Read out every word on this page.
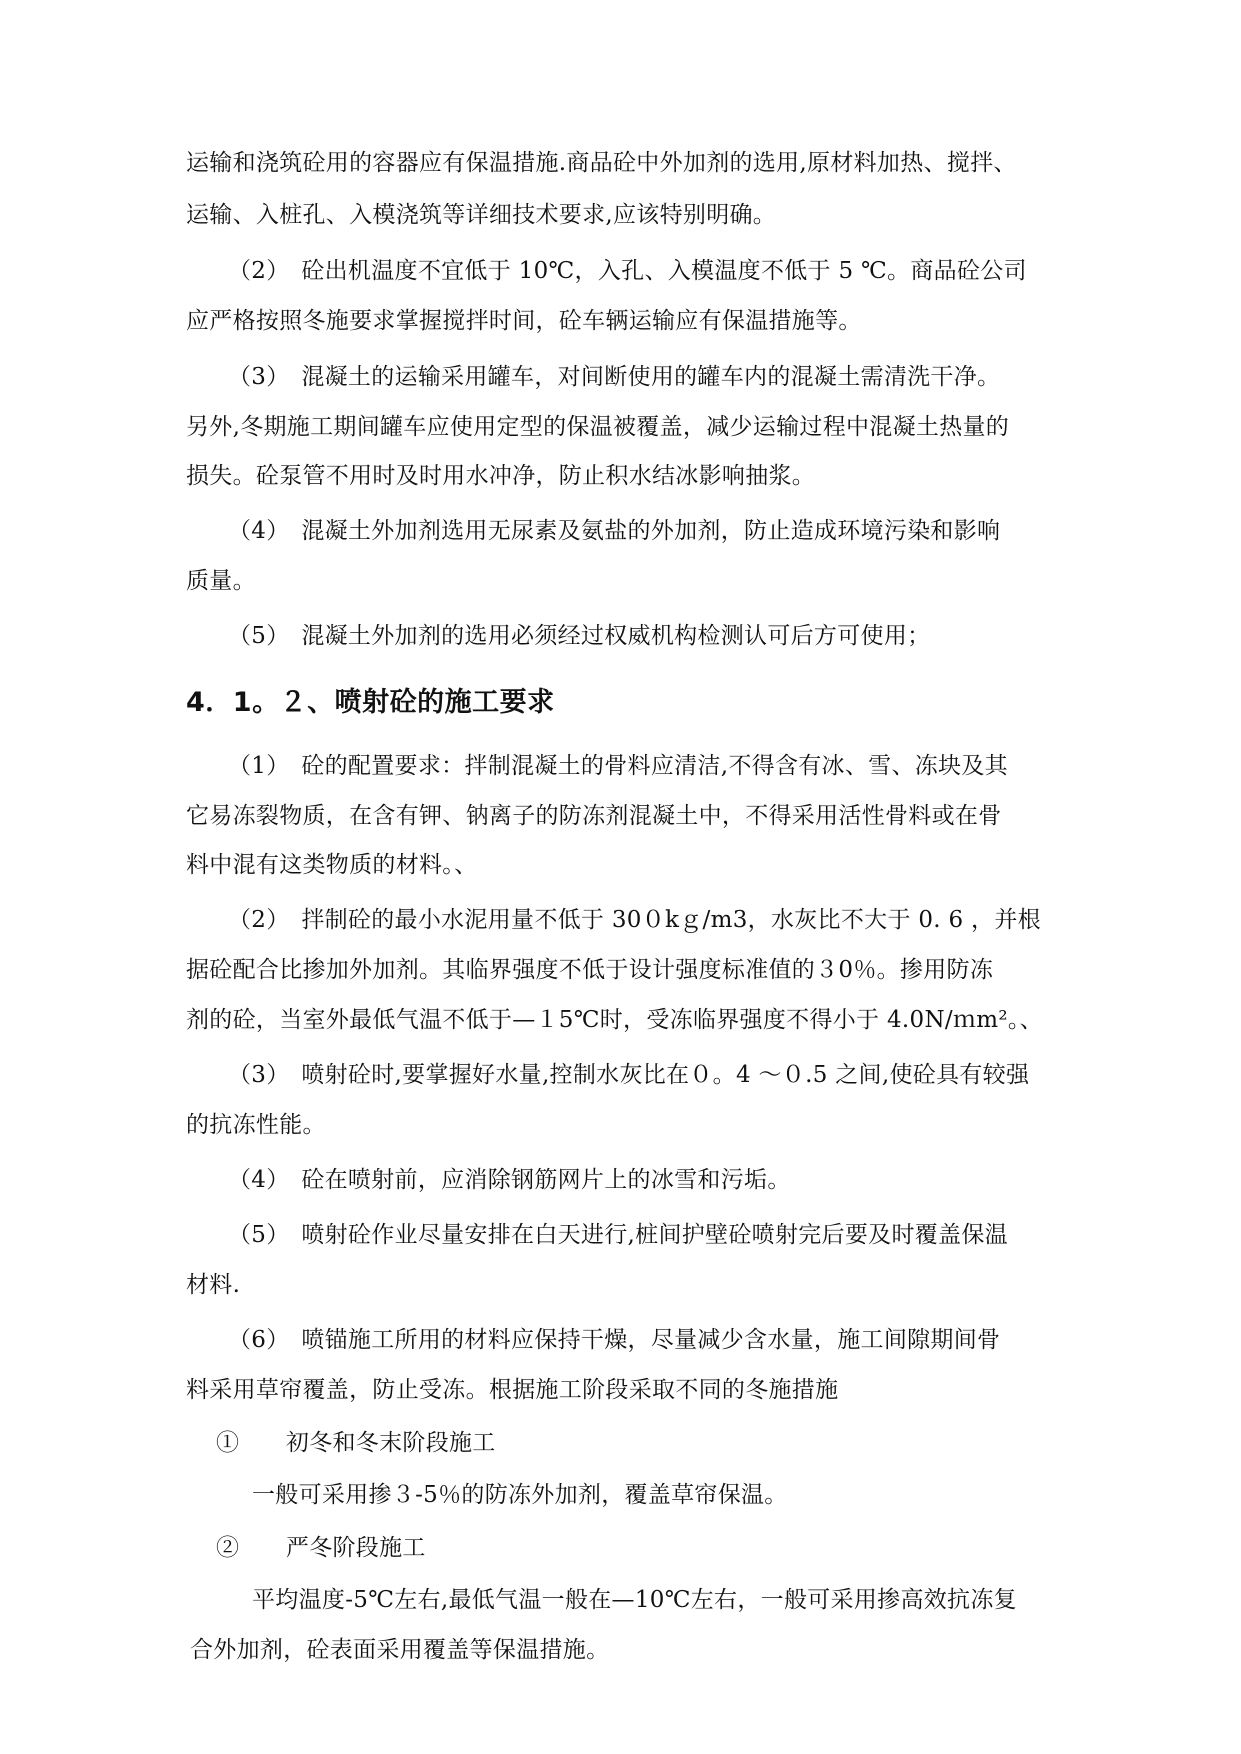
运输和浇筑砼用的容器应有保温措施.商品砼中外加剂的选用,原材料加热、搅拌、
运输、入桩孔、入模浇筑等详细技术要求,应该特别明确。
（2）　砼出机温度不宜低于 10℃，入孔、入模温度不低于 5 ℃。商品砼公司
应严格按照冬施要求掌握搅拌时间，砼车辆运输应有保温措施等。
（3）　混凝土的运输采用罐车，对间断使用的罐车内的混凝土需清洗干净。
另外,冬期施工期间罐车应使用定型的保温被覆盖，减少运输过程中混凝土热量的
损失。砼泵管不用时及时用水冲净，防止积水结冰影响抽浆。
（4）　混凝土外加剂选用无尿素及氨盐的外加剂，防止造成环境污染和影响
质量。
（5）　混凝土外加剂的选用必须经过权威机构检测认可后方可使用；
4．1。２、喷射砼的施工要求
（1）　砼的配置要求：拌制混凝土的骨料应清洁,不得含有冰、雪、冻块及其
它易冻裂物质，在含有钾、钠离子的防冻剂混凝土中，不得采用活性骨料或在骨
料中混有这类物质的材料。、
（2）　拌制砼的最小水泥用量不低于 30０kｇ/m3，水灰比不大于 0. 6 ，并根
据砼配合比掺加外加剂。其临界强度不低于设计强度标准值的３0％。掺用防冻
剂的砼，当室外最低气温不低于—１5℃时，受冻临界强度不得小于 4.0N/ｍm²。、
（3）　喷射砼时,要掌握好水量,控制水灰比在０。4 ～０.5 之间,使砼具有较强
的抗冻性能。
（4）　砼在喷射前，应消除钢筋网片上的冰雪和污垢。
（5）　喷射砼作业尽量安排在白天进行,桩间护壁砼喷射完后要及时覆盖保温
材料.
（6）　喷锚施工所用的材料应保持干燥，尽量减少含水量，施工间隙期间骨
料采用草帘覆盖，防止受冻。根据施工阶段采取不同的冬施措施
①　　初冬和冬末阶段施工
一般可采用掺３-5％的防冻外加剂，覆盖草帘保温。
②　　严冬阶段施工
平均温度-5℃左右,最低气温一般在—10℃左右，一般可采用掺高效抗冻复
合外加剂，砼表面采用覆盖等保温措施。
